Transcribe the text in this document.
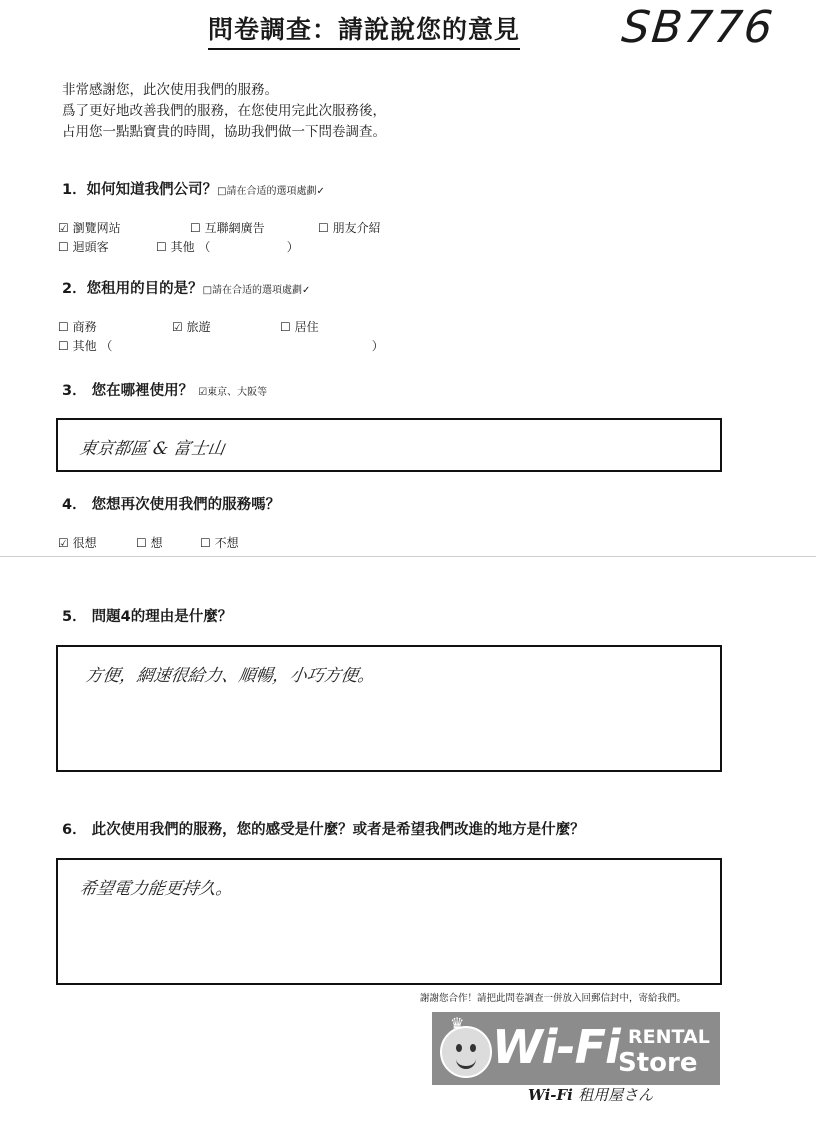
問卷調查：請說說您的意見 SB776
非常感謝您，此次使用我們的服務。
爲了更好地改善我們的服務，在您使用完此次服務後，
占用您一點點寶貴的時間，協助我們做一下問卷調查。
1．如何知道我們公司？□請在合适的選項處劃✓
☑ 瀏覽网站	☐ 互聯網廣告	☐ 朋友介紹
☐ 迴頭客	☐ 其他 （                    ）
2．您租用的目的是？□請在合适的選項處劃✓
☐ 商務	☑ 旅遊	☐ 居住
☐ 其他 （                                                                    ）
3． 您在哪裡使用？ ☑東京、大阪等
東京都區 & 富士山
4． 您想再次使用我們的服務嗎？
☑ 很想	☐ 想	☐ 不想
5． 問題4的理由是什麼？
方便，網速很給力、順暢，小巧方便。
6． 此次使用我們的服務，您的感受是什麼？或者是希望我們改進的地方是什麼？
希望電力能更持久。
謝謝您合作！請把此問卷調查一併放入回郵信封中，寄給我們。
♛ Wi-Fi RENTAL
Store
Wi-Fi 租用屋さん
